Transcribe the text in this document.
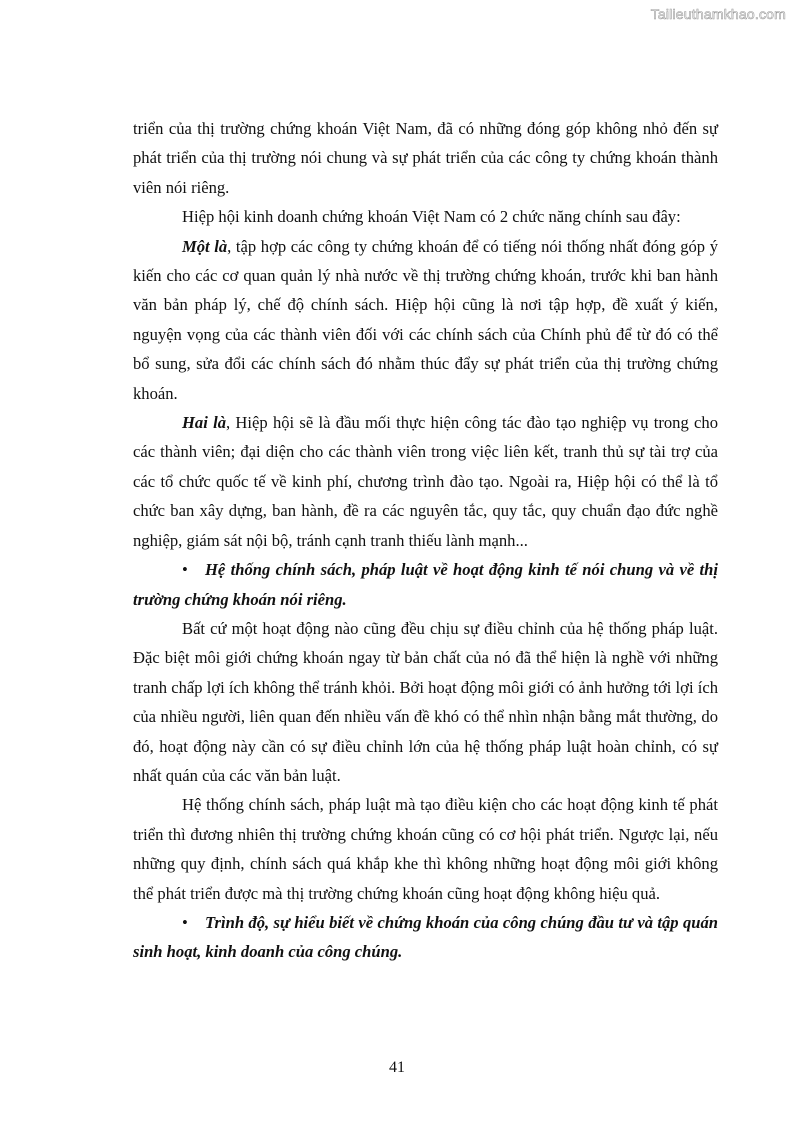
Tailieuthamkhao.com

triển của thị trường chứng khoán Việt Nam, đã có những đóng góp không nhỏ đến sự phát triển của thị trường nói chung và sự phát triển của các công ty chứng khoán thành viên nói riêng.

Hiệp hội kinh doanh chứng khoán Việt Nam có 2 chức năng chính sau đây:

Một là, tập hợp các công ty chứng khoán để có tiếng nói thống nhất đóng góp ý kiến cho các cơ quan quản lý nhà nước về thị trường chứng khoán, trước khi ban hành văn bản pháp lý, chế độ chính sách. Hiệp hội cũng là nơi tập hợp, đề xuất ý kiến, nguyện vọng của các thành viên đối với các chính sách của Chính phủ để từ đó có thể bổ sung, sửa đổi các chính sách đó nhằm thúc đẩy sự phát triển của thị trường chứng khoán.

Hai là, Hiệp hội sẽ là đầu mối thực hiện công tác đào tạo nghiệp vụ trong cho các thành viên; đại diện cho các thành viên trong việc liên kết, tranh thủ sự tài trợ của các tổ chức quốc tế về kinh phí, chương trình đào tạo. Ngoài ra, Hiệp hội có thể là tổ chức ban xây dựng, ban hành, đề ra các nguyên tắc, quy tắc, quy chuẩn đạo đức nghề nghiệp, giám sát nội bộ, tránh cạnh tranh thiếu lành mạnh...

• Hệ thống chính sách, pháp luật về hoạt động kinh tế nói chung và về thị trường chứng khoán nói riêng.

Bất cứ một hoạt động nào cũng đều chịu sự điều chỉnh của hệ thống pháp luật. Đặc biệt môi giới chứng khoán ngay từ bản chất của nó đã thể hiện là nghề với những tranh chấp lợi ích không thể tránh khỏi. Bởi hoạt động môi giới có ảnh hưởng tới lợi ích của nhiều người, liên quan đến nhiều vấn đề khó có thể nhìn nhận bằng mắt thường, do đó, hoạt động này cần có sự điều chỉnh lớn của hệ thống pháp luật hoàn chỉnh, có sự nhất quán của các văn bản luật.

Hệ thống chính sách, pháp luật mà tạo điều kiện cho các hoạt động kinh tế phát triển thì đương nhiên thị trường chứng khoán cũng có cơ hội phát triển. Ngược lại, nếu những quy định, chính sách quá khắp khe thì không những hoạt động môi giới không thể phát triển được mà thị trường chứng khoán cũng hoạt động không hiệu quả.

• Trình độ, sự hiểu biết về chứng khoán của công chúng đầu tư và tập quán sinh hoạt, kinh doanh của công chúng.

41
